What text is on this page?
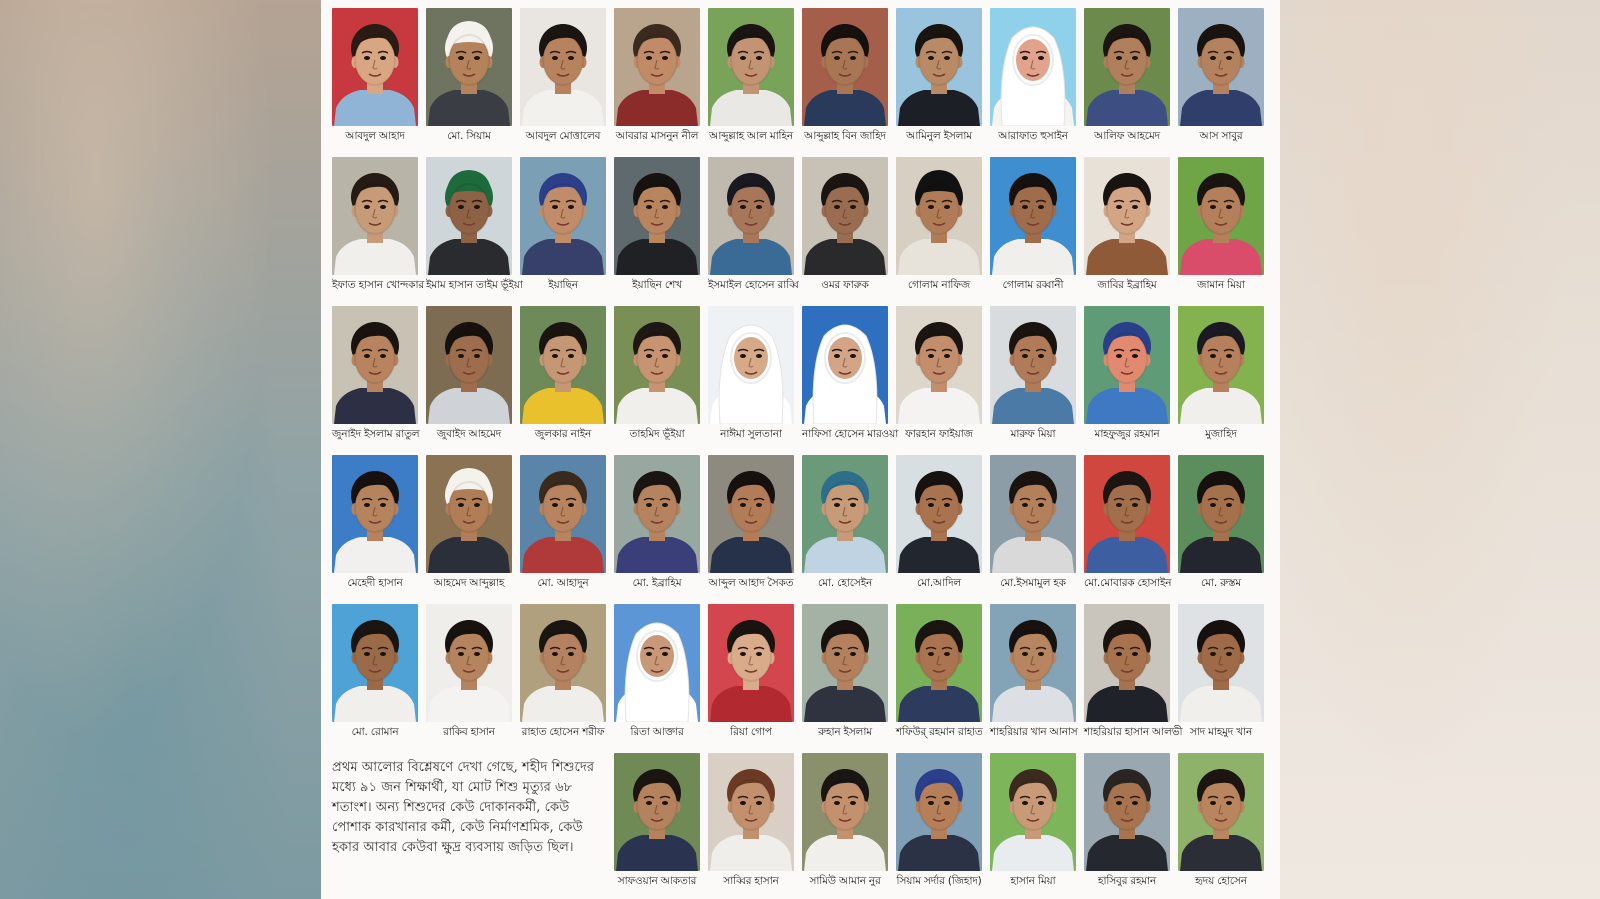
আবদুল আহাদ	মো. সিয়াম	আবদুল মোত্তালেব	আবরার মাসনুন নীল আব্দুল্লাহ আল মাহিন আব্দুল্লাহ বিন জাহিদ	আমিনুল ইসলাম	আরাফাত হুসাইন	আলিফ আহমেদ	আস সাবুর
ইফাত হাসান খোন্দকার ইমাম হাসান তাইম ভূঁইয়া	ইয়াছিন	ইয়াছিন শেখ	ইসমাইল হোসেন রাব্বি	ওমর ফারুক	গোলাম নাফিজ	গোলাম রব্বানী	জাবির ইব্রাহিম	জামান মিয়া
জুনাইদ ইসলাম রাতুল	জুবাইদ আহমেদ	জুলকার নাইন	তাহমিদ ভূঁইয়া	নাঈমা সুলতানা	নাফিসা হোসেন মারওয়া ফারহান ফাইয়াজ	মারুফ মিয়া	মাহফুজুর রহমান	মুজাহিদ
মেহেদী হাসান	আহমেদ আব্দুল্লাহ	মো. আহাদুন	মো. ইব্রাহিম	আব্দুল আহাদ সৈকত	মো. হোসেইন	মো.আদিল	মো.ইসমামুল হক	মো.মোবারক হোসাইন	মো. রুস্তম
মো. রোমান	রাকিব হাসান	রাহাত হোসেন শরীফ	রিতা আক্তার	রিয়া গোপ	রুহান ইসলাম	শফিউর্ রহমান রাহাত শাহরিয়ার খান আনাস শাহরিয়ার হাসান আলভী সাদ মাহমুদ খান
সাফওয়ান আকতার	সাব্বির হাসান	সামিউ আমান নুর	সিয়াম সর্দার (জিহাদ)	হাসান মিয়া	হাসিবুর রহমান	হৃদয় হোসেন
প্রথম আলোর বিশ্লেষণে দেখা গেছে, শহীদ শিশুদের মধ্যে ৯১ জন শিক্ষার্থী, যা মোট শিশু মৃত্যুর ৬৮ শতাংশ। অন্য শিশুদের কেউ দোকানকর্মী, কেউ পোশাক কারখানার কর্মী, কেউ নির্মাণশ্রমিক, কেউ হকার আবার কেউবা ক্ষুদ্র ব্যবসায় জড়িত ছিল।
